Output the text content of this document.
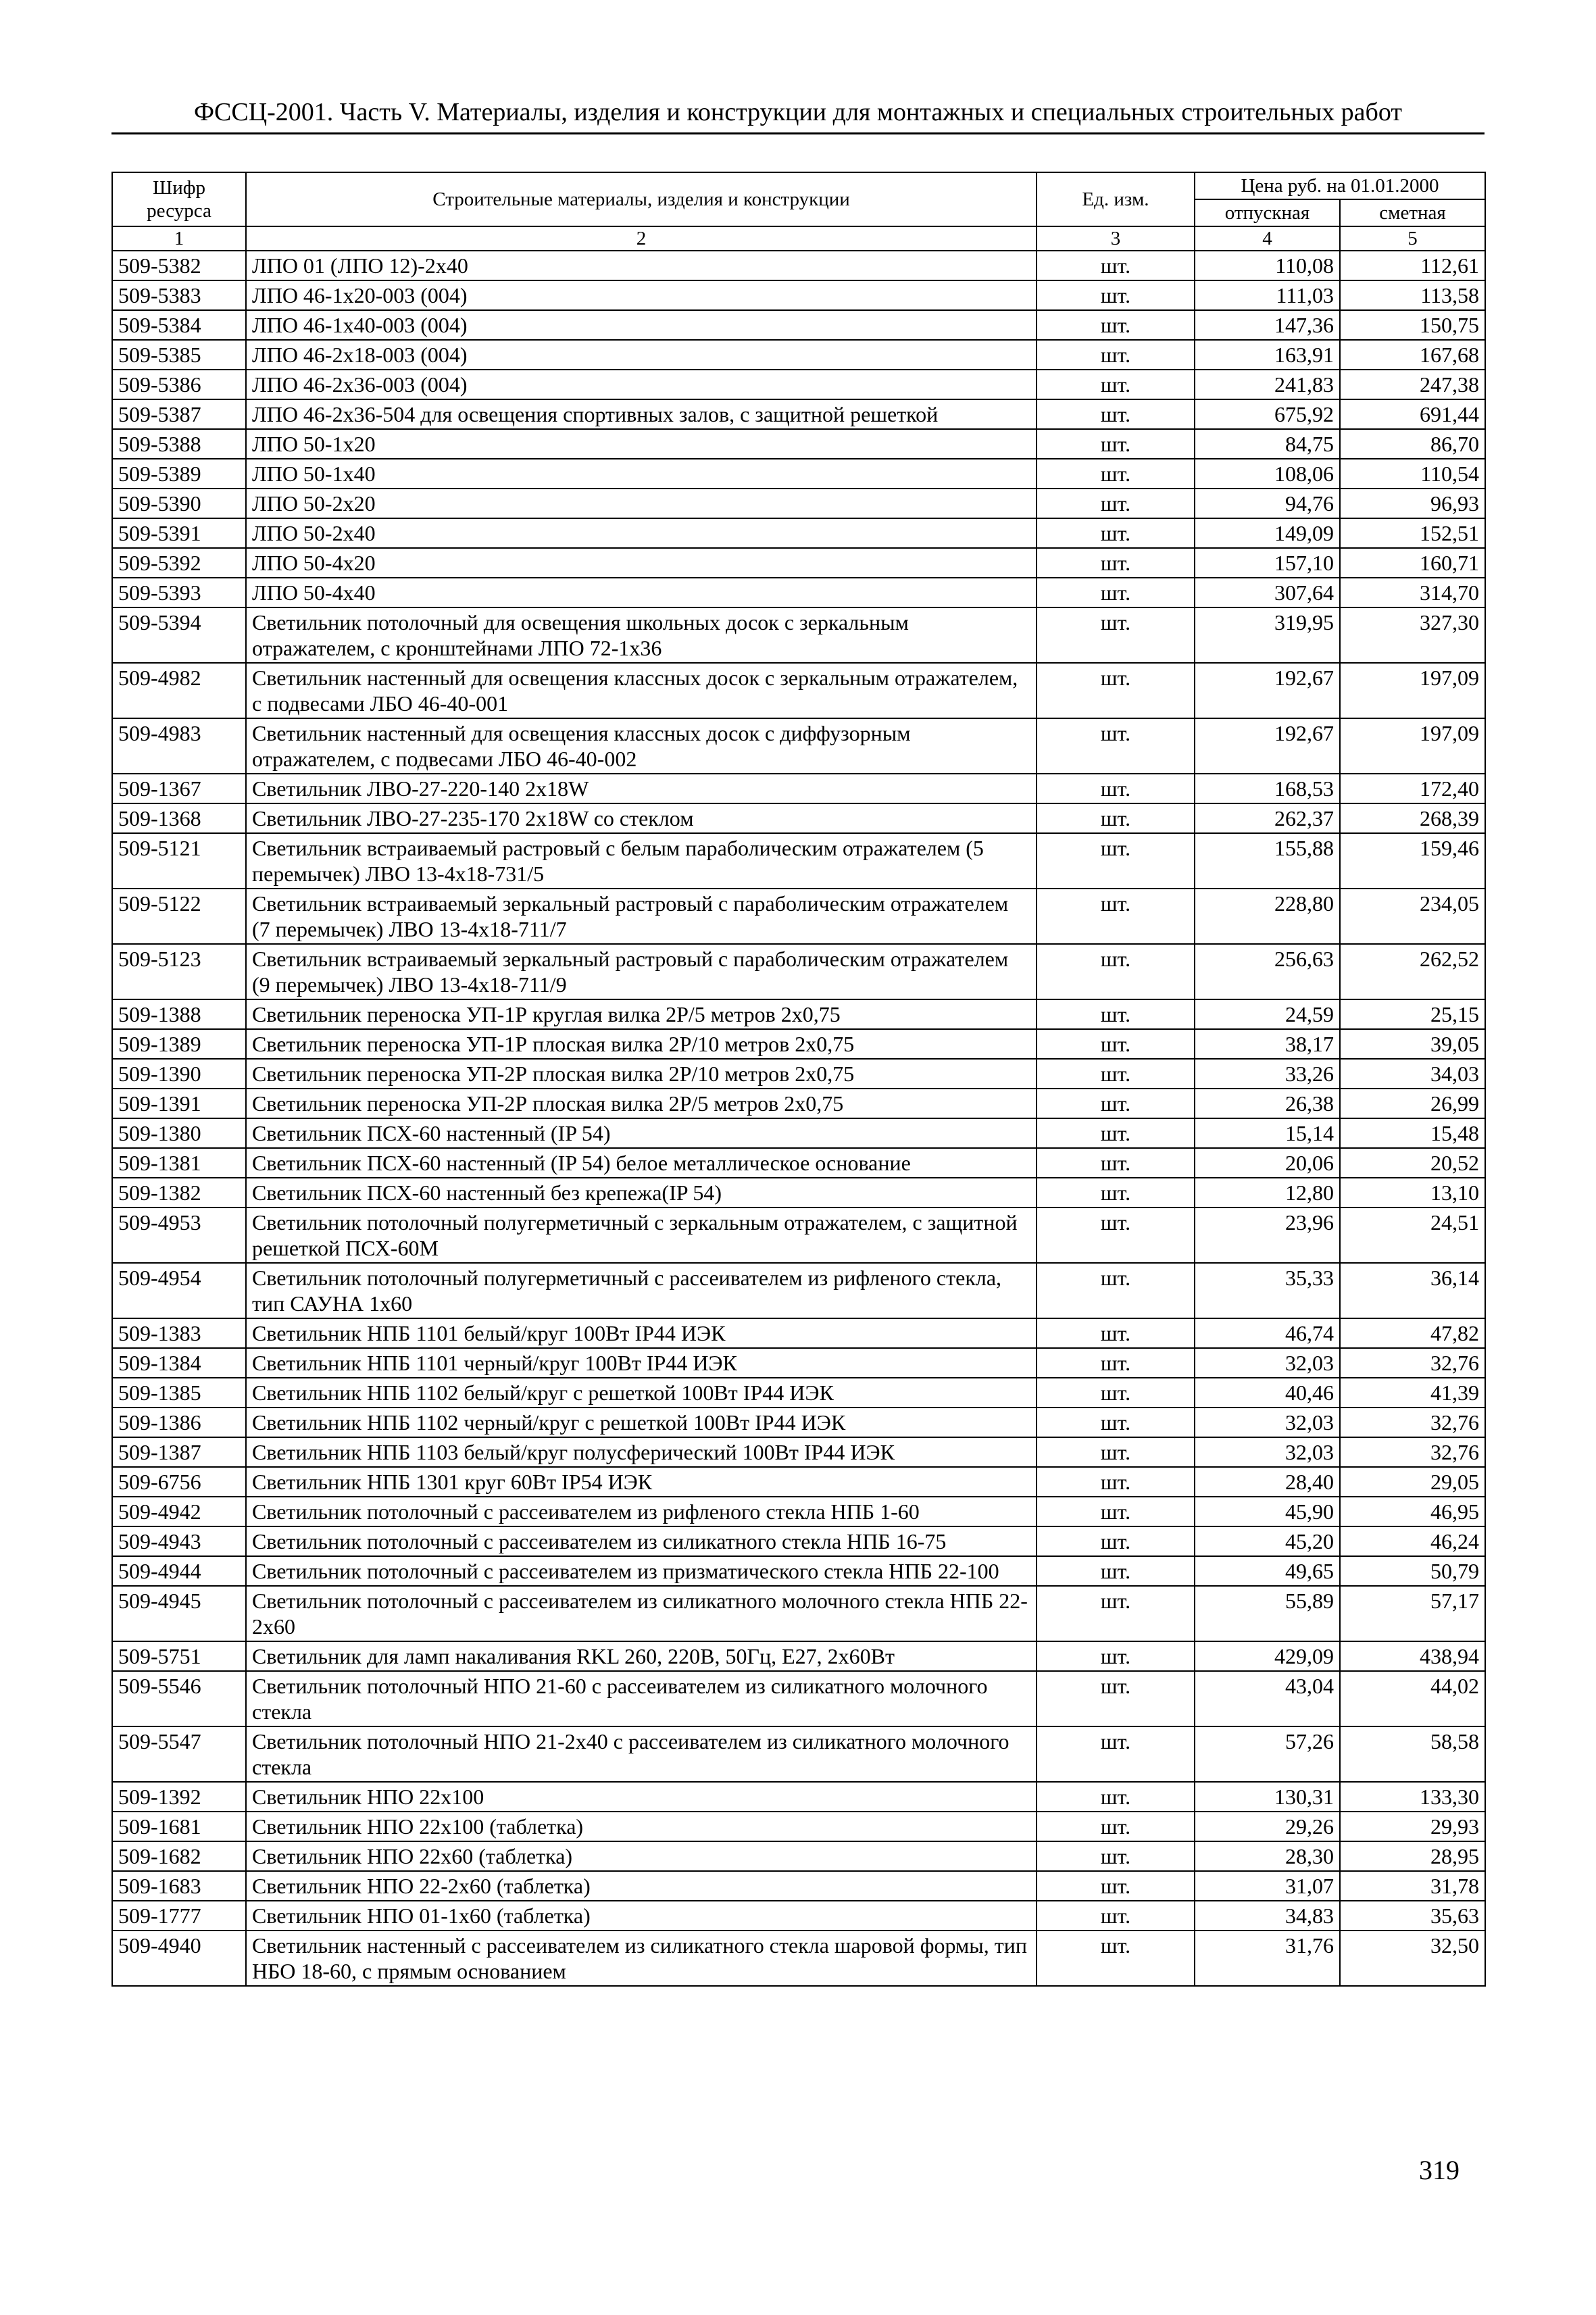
ФССЦ-2001. Часть V. Материалы, изделия и конструкции для монтажных и специальных строительных работ
Шифр ресурса	Строительные материалы, изделия и конструкции	Ед. изм.	Цена руб. на 01.01.2000	
			отпускная	сметная
1	2	3	4	5
509-5382	ЛПО 01 (ЛПО 12)-2х40	шт.	110,08	112,61
509-5383	ЛПО 46-1х20-003 (004)	шт.	111,03	113,58
509-5384	ЛПО 46-1х40-003 (004)	шт.	147,36	150,75
509-5385	ЛПО 46-2х18-003 (004)	шт.	163,91	167,68
509-5386	ЛПО 46-2х36-003 (004)	шт.	241,83	247,38
509-5387	ЛПО 46-2х36-504 для освещения спортивных залов, с защитной решеткой	шт.	675,92	691,44
509-5388	ЛПО 50-1х20	шт.	84,75	86,70
509-5389	ЛПО 50-1х40	шт.	108,06	110,54
509-5390	ЛПО 50-2х20	шт.	94,76	96,93
509-5391	ЛПО 50-2х40	шт.	149,09	152,51
509-5392	ЛПО 50-4х20	шт.	157,10	160,71
509-5393	ЛПО 50-4х40	шт.	307,64	314,70
509-5394	Светильник потолочный для освещения школьных досок с зеркальным отражателем, с кронштейнами ЛПО 72-1х36	шт.	319,95	327,30
509-4982	Светильник настенный для освещения классных досок с зеркальным отражателем, с подвесами ЛБО 46-40-001	шт.	192,67	197,09
509-4983	Светильник настенный для освещения классных досок с диффузорным отражателем, с подвесами ЛБО 46-40-002	шт.	192,67	197,09
509-1367	Светильник ЛВО-27-220-140 2х18W	шт.	168,53	172,40
509-1368	Светильник ЛВО-27-235-170 2х18W со стеклом	шт.	262,37	268,39
509-5121	Светильник встраиваемый растровый с белым параболическим отражателем (5 перемычек) ЛВО 13-4х18-731/5	шт.	155,88	159,46
509-5122	Светильник встраиваемый зеркальный растровый с параболическим отражателем (7 перемычек) ЛВО 13-4х18-711/7	шт.	228,80	234,05
509-5123	Светильник встраиваемый зеркальный растровый с параболическим отражателем (9 перемычек) ЛВО 13-4х18-711/9	шт.	256,63	262,52
509-1388	Светильник переноска УП-1Р круглая вилка 2Р/5 метров 2х0,75	шт.	24,59	25,15
509-1389	Светильник переноска УП-1Р плоская вилка 2Р/10 метров 2х0,75	шт.	38,17	39,05
509-1390	Светильник переноска УП-2Р плоская вилка 2Р/10 метров 2х0,75	шт.	33,26	34,03
509-1391	Светильник переноска УП-2Р плоская вилка 2Р/5 метров 2х0,75	шт.	26,38	26,99
509-1380	Светильник ПСХ-60 настенный (IP 54)	шт.	15,14	15,48
509-1381	Светильник ПСХ-60 настенный (IP 54) белое металлическое основание	шт.	20,06	20,52
509-1382	Светильник ПСХ-60 настенный без крепежа(IP 54)	шт.	12,80	13,10
509-4953	Светильник потолочный полугерметичный с зеркальным отражателем, с защитной решеткой ПСХ-60М	шт.	23,96	24,51
509-4954	Светильник потолочный полугерметичный с рассеивателем из рифленого стекла, тип САУНА 1х60	шт.	35,33	36,14
509-1383	Светильник НПБ 1101 белый/круг 100Вт IP44 ИЭК	шт.	46,74	47,82
509-1384	Светильник НПБ 1101 черный/круг 100Вт IP44 ИЭК	шт.	32,03	32,76
509-1385	Светильник НПБ 1102 белый/круг с решеткой 100Вт IP44 ИЭК	шт.	40,46	41,39
509-1386	Светильник НПБ 1102 черный/круг с решеткой 100Вт IP44 ИЭК	шт.	32,03	32,76
509-1387	Светильник НПБ 1103 белый/круг полусферический 100Вт IP44 ИЭК	шт.	32,03	32,76
509-6756	Светильник НПБ 1301 круг 60Вт IP54 ИЭК	шт.	28,40	29,05
509-4942	Светильник потолочный с рассеивателем из рифленого стекла НПБ 1-60	шт.	45,90	46,95
509-4943	Светильник потолочный с рассеивателем из силикатного стекла НПБ 16-75	шт.	45,20	46,24
509-4944	Светильник потолочный с рассеивателем из призматического стекла НПБ 22-100	шт.	49,65	50,79
509-4945	Светильник потолочный с рассеивателем из силикатного молочного стекла НПБ 22-2х60	шт.	55,89	57,17
509-5751	Светильник для ламп накаливания RKL 260, 220В, 50Гц, Е27, 2х60Вт	шт.	429,09	438,94
509-5546	Светильник потолочный НПО 21-60 с рассеивателем из силикатного молочного стекла	шт.	43,04	44,02
509-5547	Светильник потолочный НПО 21-2х40 с рассеивателем из силикатного молочного стекла	шт.	57,26	58,58
509-1392	Светильник НПО 22х100	шт.	130,31	133,30
509-1681	Светильник НПО 22х100 (таблетка)	шт.	29,26	29,93
509-1682	Светильник НПО 22х60 (таблетка)	шт.	28,30	28,95
509-1683	Светильник НПО 22-2х60 (таблетка)	шт.	31,07	31,78
509-1777	Светильник НПО 01-1х60 (таблетка)	шт.	34,83	35,63
509-4940	Светильник настенный с рассеивателем из силикатного стекла шаровой формы, тип НБО 18-60, с прямым основанием	шт.	31,76	32,50
319
